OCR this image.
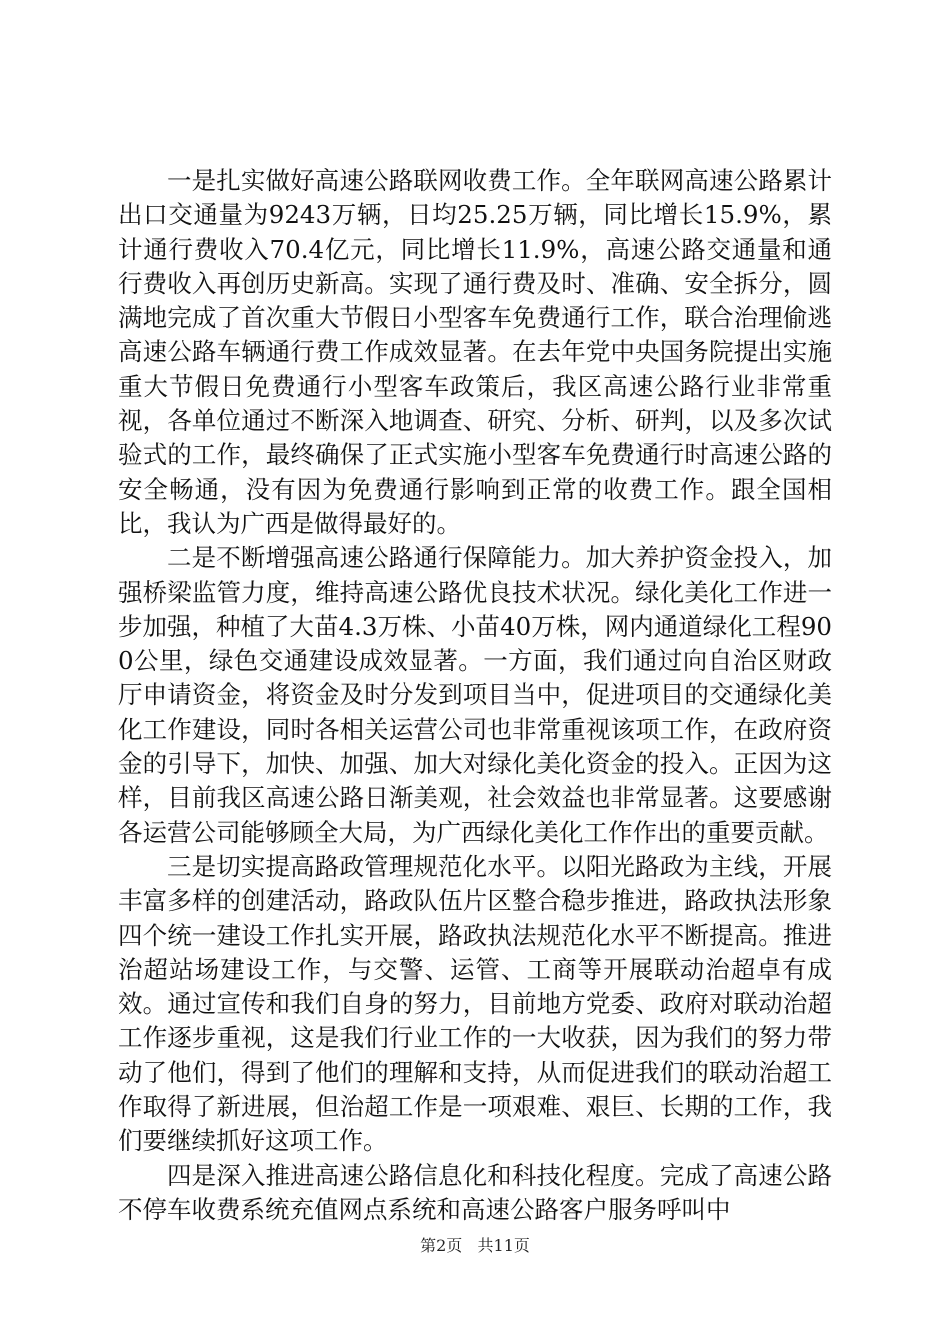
一是扎实做好高速公路联网收费工作。全年联网高速公路累计出口交通量为9243万辆，日均25.25万辆，同比增长15.9%，累计通行费收入70.4亿元，同比增长11.9%，高速公路交通量和通行费收入再创历史新高。实现了通行费及时、准确、安全拆分，圆满地完成了首次重大节假日小型客车免费通行工作，联合治理偷逃高速公路车辆通行费工作成效显著。在去年党中央国务院提出实施重大节假日免费通行小型客车政策后，我区高速公路行业非常重视，各单位通过不断深入地调查、研究、分析、研判，以及多次试验式的工作，最终确保了正式实施小型客车免费通行时高速公路的安全畅通，没有因为免费通行影响到正常的收费工作。跟全国相比，我认为广西是做得最好的。

二是不断增强高速公路通行保障能力。加大养护资金投入，加强桥梁监管力度，维持高速公路优良技术状况。绿化美化工作进一步加强，种植了大苗4.3万株、小苗40万株，网内通道绿化工程900公里，绿色交通建设成效显著。一方面，我们通过向自治区财政厅申请资金，将资金及时分发到项目当中，促进项目的交通绿化美化工作建设，同时各相关运营公司也非常重视该项工作，在政府资金的引导下，加快、加强、加大对绿化美化资金的投入。正因为这样，目前我区高速公路日渐美观，社会效益也非常显著。这要感谢各运营公司能够顾全大局，为广西绿化美化工作作出的重要贡献。

三是切实提高路政管理规范化水平。以阳光路政为主线，开展丰富多样的创建活动，路政队伍片区整合稳步推进，路政执法形象四个统一建设工作扎实开展，路政执法规范化水平不断提高。推进治超站场建设工作，与交警、运管、工商等开展联动治超卓有成效。通过宣传和我们自身的努力，目前地方党委、政府对联动治超工作逐步重视，这是我们行业工作的一大收获，因为我们的努力带动了他们，得到了他们的理解和支持，从而促进我们的联动治超工作取得了新进展，但治超工作是一项艰难、艰巨、长期的工作，我们要继续抓好这项工作。

四是深入推进高速公路信息化和科技化程度。完成了高速公路不停车收费系统充值网点系统和高速公路客户服务呼叫中

第2页 共11页
